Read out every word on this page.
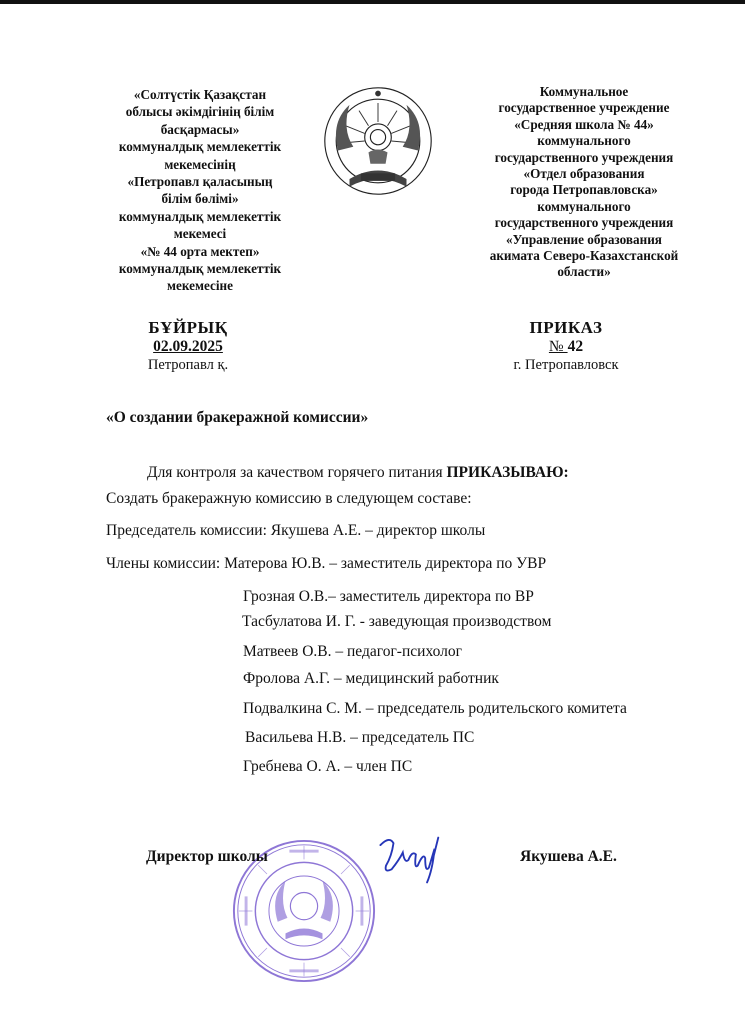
«Солтүстік Қазақстан
облысы әкімдігінің білім
басқармасы»
коммуналдық мемлекеттік
мекемесінің
«Петропавл қаласының
білім бөлімі»
коммуналдық мемлекеттік
мекемесі
«№ 44 орта мектеп»
коммуналдық мемлекеттік
мекемесіне
Коммунальное
государственное учреждение
«Средняя школа № 44»
коммунального
государственного учреждения
«Отдел образования
города Петропавловска»
коммунального
государственного учреждения
«Управление образования
акимата Северо-Казахстанской
области»
БҰЙРЫҚ
02.09.2025
Петропавл қ.
ПРИКАЗ
№ 42
г. Петропавловск
«О создании бракеражной комиссии»
Для контроля за качеством горячего питания ПРИКАЗЫВАЮ:
Создать бракеражную комиссию в следующем составе:
Председатель комиссии: Якушева А.Е. – директор школы
Члены комиссии: Матерова Ю.В. – заместитель директора по УВР
Грозная О.В.– заместитель директора по ВР
Тасбулатова И. Г. - заведующая производством
Матвеев О.В. – педагог-психолог
Фролова А.Г. – медицинский работник
Подвалкина С. М. – председатель родительского комитета
Васильева Н.В. – председатель ПС
Гребнева О. А. – член ПС
Директор школы	Якушева А.Е.
